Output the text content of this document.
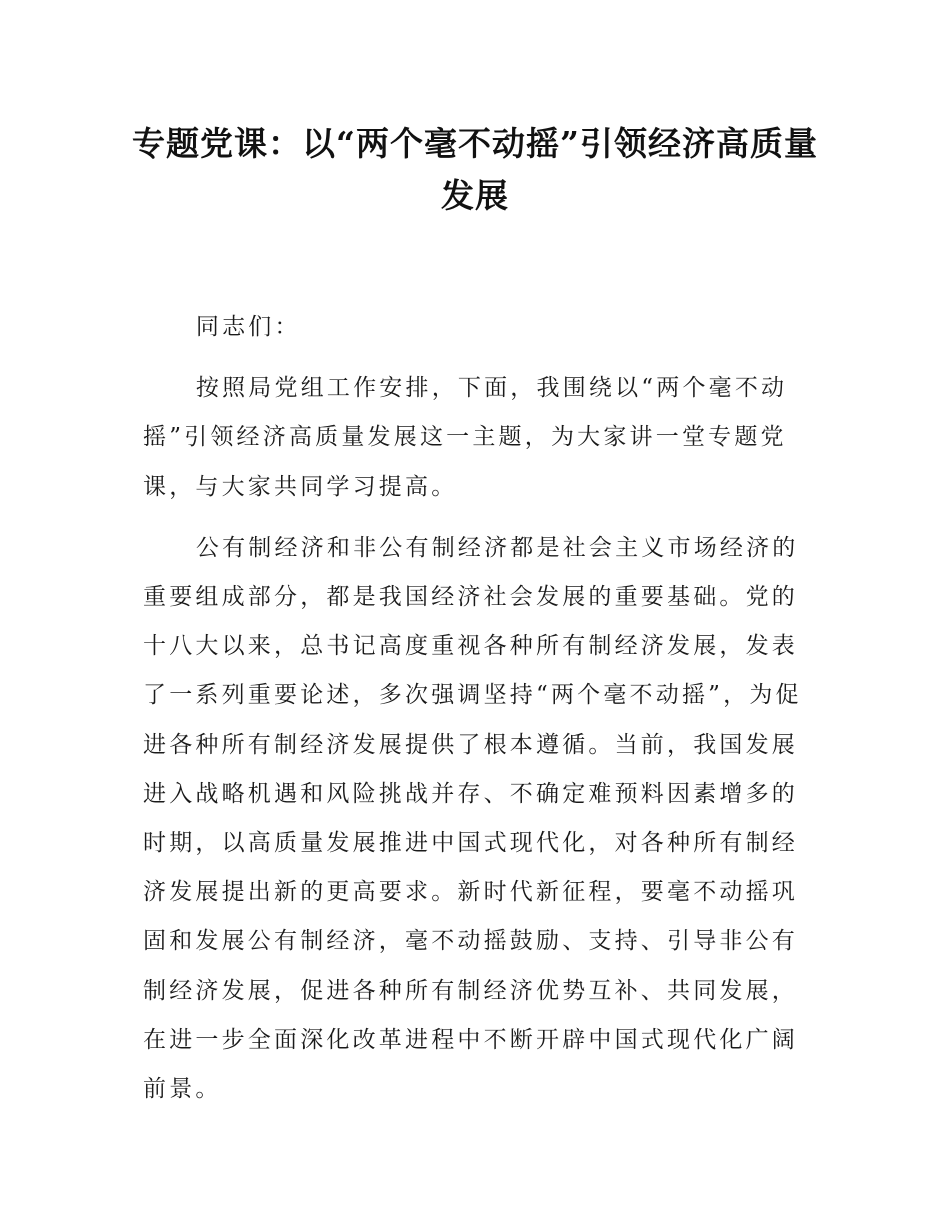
专题党课：以“两个毫不动摇”引领经济高质量发展

同志们：

按照局党组工作安排，下面，我围绕以“两个毫不动摇”引领经济高质量发展这一主题，为大家讲一堂专题党课，与大家共同学习提高。

公有制经济和非公有制经济都是社会主义市场经济的重要组成部分，都是我国经济社会发展的重要基础。党的十八大以来，总书记高度重视各种所有制经济发展，发表了一系列重要论述，多次强调坚持“两个毫不动摇”，为促进各种所有制经济发展提供了根本遵循。当前，我国发展进入战略机遇和风险挑战并存、不确定难预料因素增多的时期，以高质量发展推进中国式现代化，对各种所有制经济发展提出新的更高要求。新时代新征程，要毫不动摇巩固和发展公有制经济，毫不动摇鼓励、支持、引导非公有制经济发展，促进各种所有制经济优势互补、共同发展，在进一步全面深化改革进程中不断开辟中国式现代化广阔前景。
